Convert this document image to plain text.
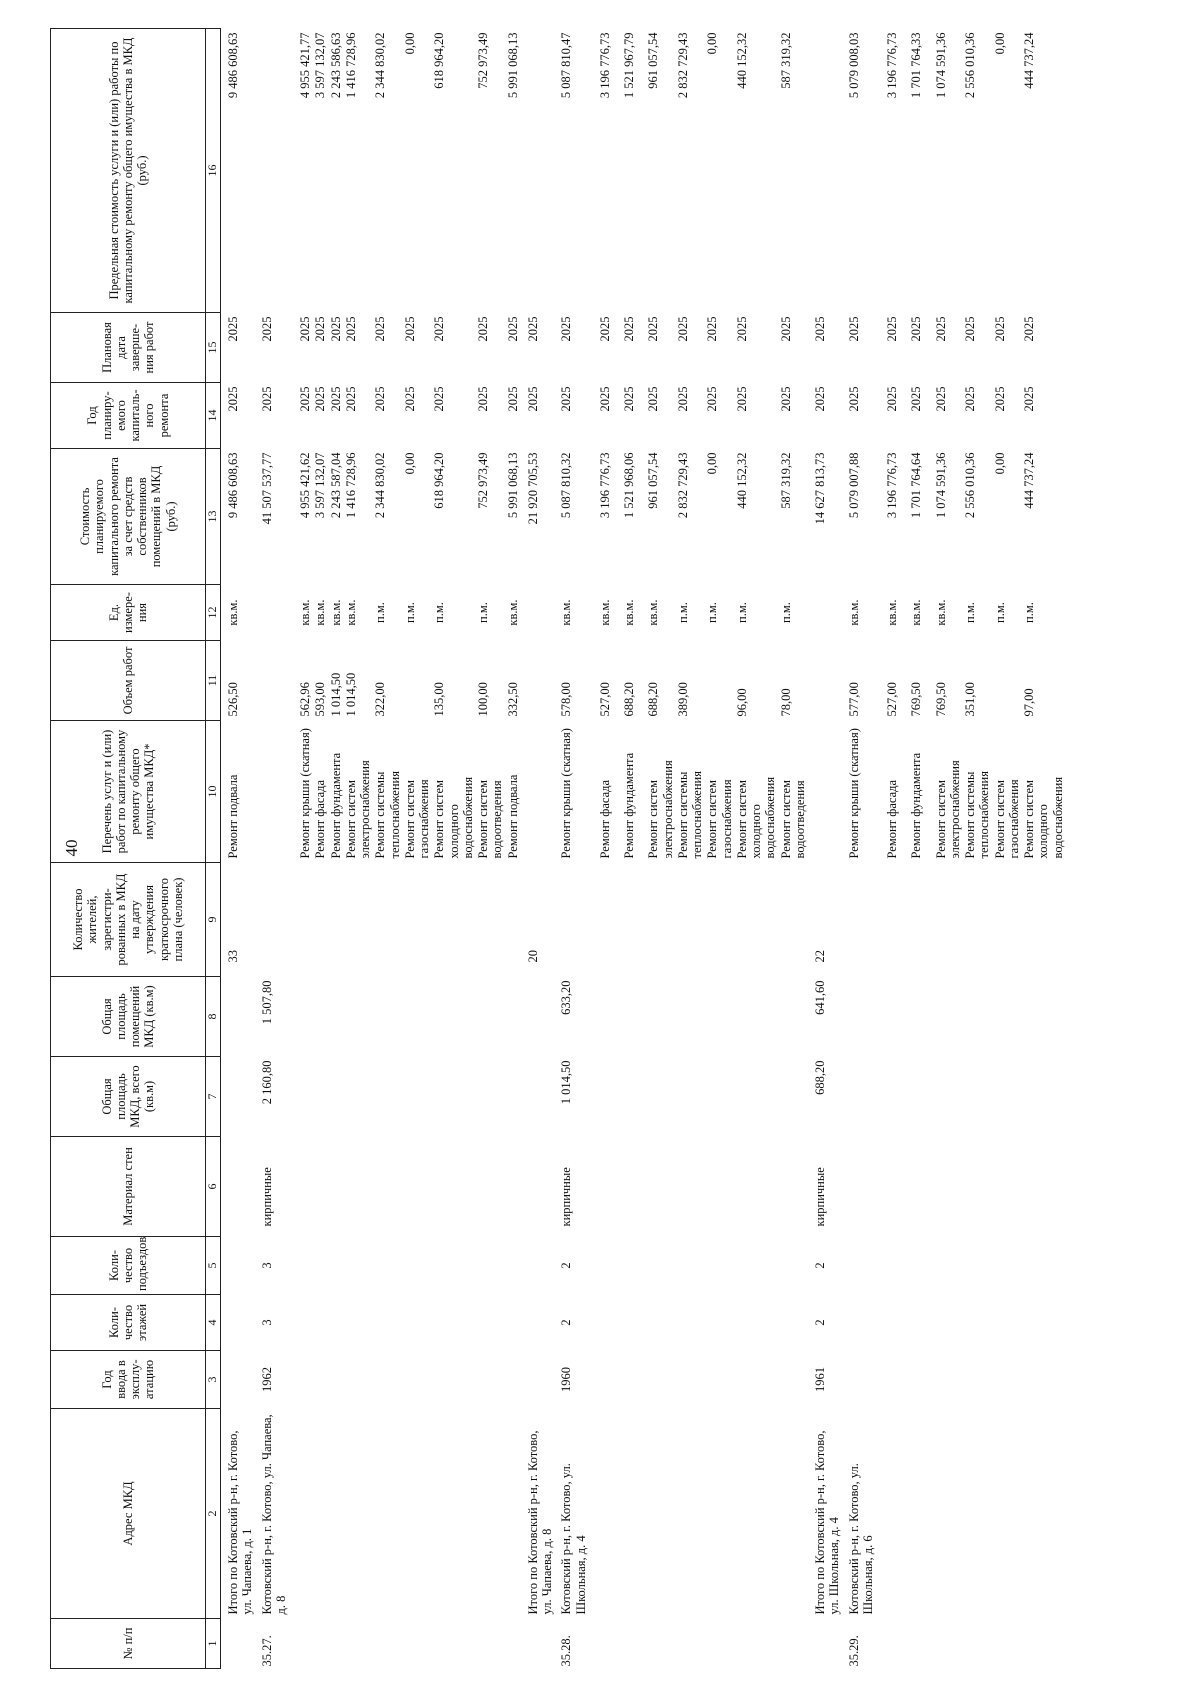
40
№ п/п	Адрес МКД	Год ввода в эксплу-атацию	Коли-чество этажей	Коли-чество подъездов	Материал стен	Общая площадь МКД, всего (кв.м)	Общая площадь помещений МКД (кв.м)	Количество жителей, зарегистри-рованных в МКД на дату утверждения краткосрочного плана (человек)	Перечень услуг и (или) работ по капитальному ремонту общего имущества МКД*	Объем работ	Ед. измере-ния	Стоимость планируемого капитального ремонта за счет средств собственников помещений в МКД (руб.)	Год планиру-емого капиталь-ного ремонта	Плановая дата заверше-ния работ	Предельная стоимость услуги и (или) работы по капитальному ремонту общего имущества в МКД (руб.)
1	2	3	4	5	6	7	8	9	10	11	12	13	14	15	16
	Итого по Котовский р-н, г. Котово, ул. Чапаева, д. 1							33	Ремонт подвала	526,50	кв.м.	9 486 608,63	2025	2025	9 486 608,63
35.27.	Котовский р-н, г. Котово, ул. Чапаева, д. 8	1962	3	3	кирпичные	2 160,80	1 507,80					41 507 537,77	2025	2025	
									Ремонт крыши (скатная)	562,96	кв.м.	4 955 421,62	2025	2025	4 955 421,77
									Ремонт фасада	593,00	кв.м.	3 597 132,07	2025	2025	3 597 132,07
									Ремонт фундамента	1 014,50	кв.м.	2 243 587,04	2025	2025	2 243 586,63
									Ремонт систем электроснабжения	1 014,50	кв.м.	1 416 728,96	2025	2025	1 416 728,96
									Ремонт системы теплоснабжения	322,00	п.м.	2 344 830,02	2025	2025	2 344 830,02
									Ремонт систем газоснабжения		п.м.	0,00	2025	2025	0,00
									Ремонт систем холодного водоснабжения	135,00	п.м.	618 964,20	2025	2025	618 964,20
									Ремонт систем водоотведения	100,00	п.м.	752 973,49	2025	2025	752 973,49
									Ремонт подвала	332,50	кв.м.	5 991 068,13	2025	2025	5 991 068,13
	Итого по Котовский р-н, г. Котово, ул. Чапаева, д. 8							20				21 920 705,53	2025	2025	
35.28.	Котовский р-н, г. Котово, ул. Школьная, д. 4	1960	2	2	кирпичные	1 014,50	633,20		Ремонт крыши (скатная)	578,00	кв.м.	5 087 810,32	2025	2025	5 087 810,47
									Ремонт фасада	527,00	кв.м.	3 196 776,73	2025	2025	3 196 776,73
									Ремонт фундамента	688,20	кв.м.	1 521 968,06	2025	2025	1 521 967,79
									Ремонт систем электроснабжения	688,20	кв.м.	961 057,54	2025	2025	961 057,54
									Ремонт системы теплоснабжения	389,00	п.м.	2 832 729,43	2025	2025	2 832 729,43
									Ремонт систем газоснабжения		п.м.	0,00	2025	2025	0,00
									Ремонт систем холодного водоснабжения	96,00	п.м.	440 152,32	2025	2025	440 152,32
									Ремонт систем водоотведения	78,00	п.м.	587 319,32	2025	2025	587 319,32
	Итого по Котовский р-н, г. Котово, ул. Школьная, д. 4	1961	2	2	кирпичные	688,20	641,60	22				14 627 813,73	2025	2025	
35.29.	Котовский р-н, г. Котово, ул. Школьная, д. 6								Ремонт крыши (скатная)	577,00	кв.м.	5 079 007,88	2025	2025	5 079 008,03
									Ремонт фасада	527,00	кв.м.	3 196 776,73	2025	2025	3 196 776,73
									Ремонт фундамента	769,50	кв.м.	1 701 764,64	2025	2025	1 701 764,33
									Ремонт систем электроснабжения	769,50	кв.м.	1 074 591,36	2025	2025	1 074 591,36
									Ремонт системы теплоснабжения	351,00	п.м.	2 556 010,36	2025	2025	2 556 010,36
									Ремонт систем газоснабжения		п.м.	0,00	2025	2025	0,00
									Ремонт систем холодного водоснабжения	97,00	п.м.	444 737,24	2025	2025	444 737,24
